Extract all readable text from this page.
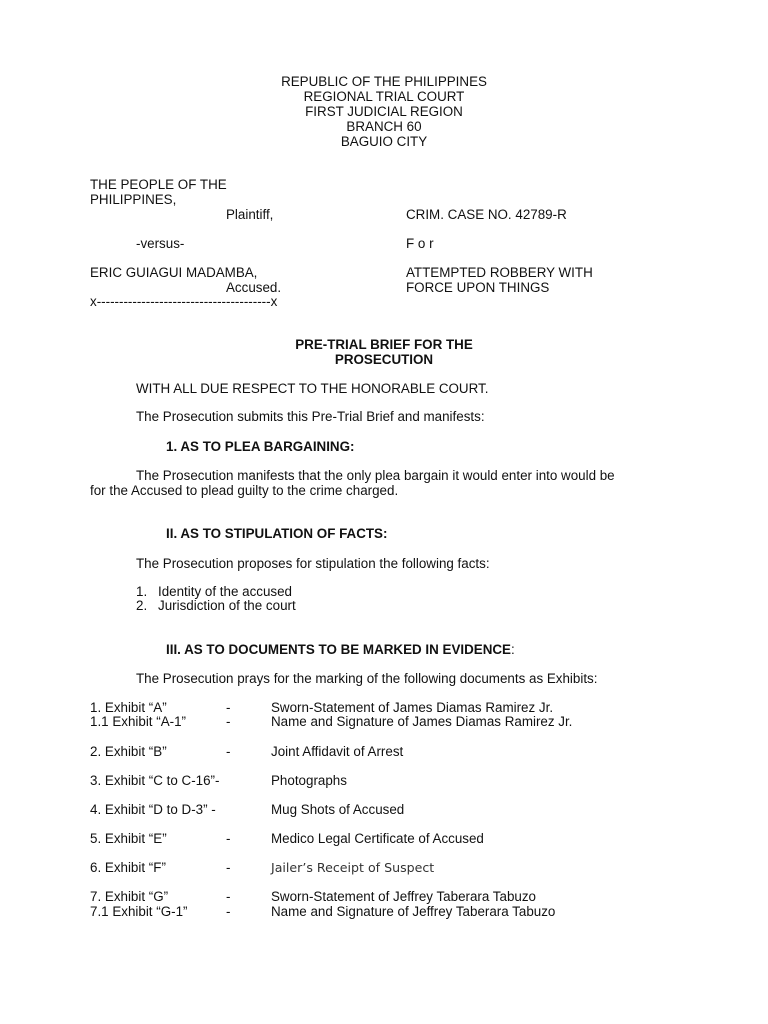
REPUBLIC OF THE PHILIPPINES
REGIONAL TRIAL COURT
FIRST JUDICIAL REGION
BRANCH 60
BAGUIO CITY
THE PEOPLE OF THE
PHILIPPINES,
Plaintiff,	CRIM. CASE NO. 42789-R
-versus-	F o r
ERIC GUIAGUI MADAMBA,	ATTEMPTED ROBBERY WITH
Accused.	FORCE UPON THINGS
x---------------------------------------x
PRE-TRIAL BRIEF FOR THE
PROSECUTION
WITH ALL DUE RESPECT TO THE HONORABLE COURT.
The Prosecution submits this Pre-Trial Brief and manifests:
1. AS TO PLEA BARGAINING:
The Prosecution manifests that the only plea bargain it would enter into would be
for the Accused to plead guilty to the crime charged.
II. AS TO STIPULATION OF FACTS:
The Prosecution proposes for stipulation the following facts:
1. Identity of the accused
2. Jurisdiction of the court
III. AS TO DOCUMENTS TO BE MARKED IN EVIDENCE:
The Prosecution prays for the marking of the following documents as Exhibits:
1. Exhibit “A”	-	Sworn-Statement of James Diamas Ramirez Jr.
1.1 Exhibit “A-1”	-	Name and Signature of James Diamas Ramirez Jr.
2. Exhibit “B”	-	Joint Affidavit of Arrest
3. Exhibit “C to C-16”-	Photographs
4. Exhibit “D to D-3” -	Mug Shots of Accused
5. Exhibit “E”	-	Medico Legal Certificate of Accused
6. Exhibit “F”	-	Jailer’s Receipt of Suspect
7. Exhibit “G”	-	Sworn-Statement of Jeffrey Taberara Tabuzo
7.1 Exhibit “G-1”	-	Name and Signature of Jeffrey Taberara Tabuzo
